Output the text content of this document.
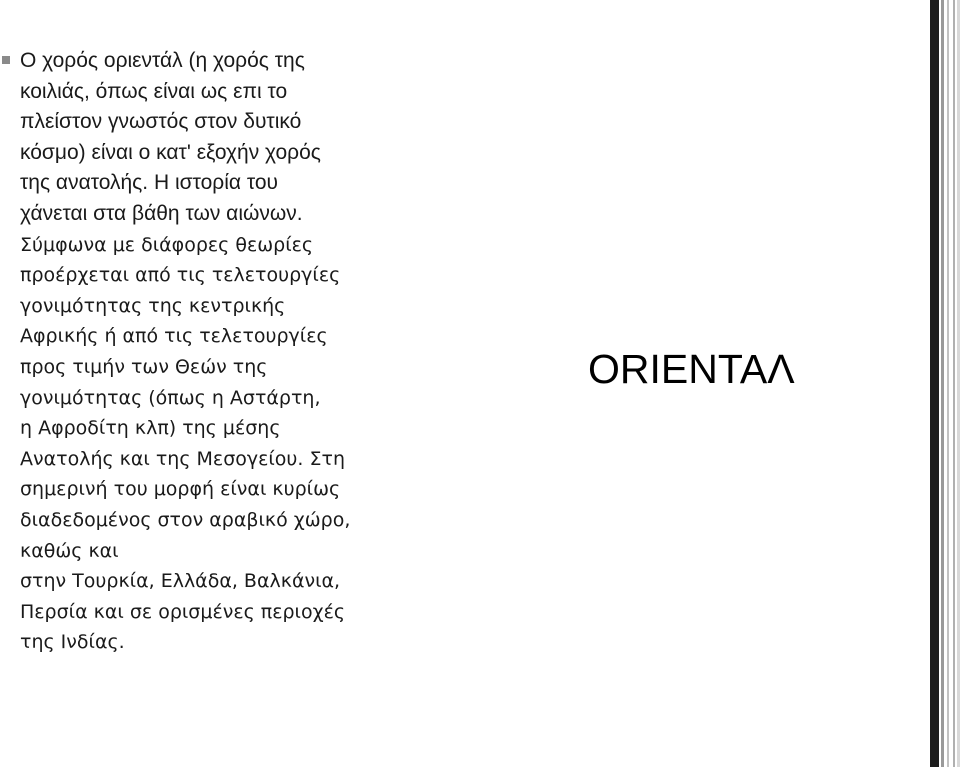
Ο χορός οριεντάλ (η χορός της
κοιλιάς, όπως είναι ως επι το
πλείστον γνωστός στον δυτικό
κόσμο) είναι ο κατ' εξοχήν χορός
της ανατολής. Η ιστορία του
χάνεται στα βάθη των αιώνων.
Σύμφωνα με διάφορες θεωρίες
προέρχεται από τις τελετουργίες
γονιμότητας της κεντρικής
Αφρικής ή από τις τελετουργίες
προς τιμήν των Θεών της
γονιμότητας (όπως η Αστάρτη,
η Αφροδίτη κλπ) της μέσης
Ανατολής και της Μεσογείου. Στη
σημερινή του μορφή είναι κυρίως
διαδεδομένος στον αραβικό χώρο,
καθώς και
στην Τουρκία, Ελλάδα, Βαλκάνια,
Περσία και σε ορισμένες περιοχές
της Ινδίας.
ORIENTAΛ
